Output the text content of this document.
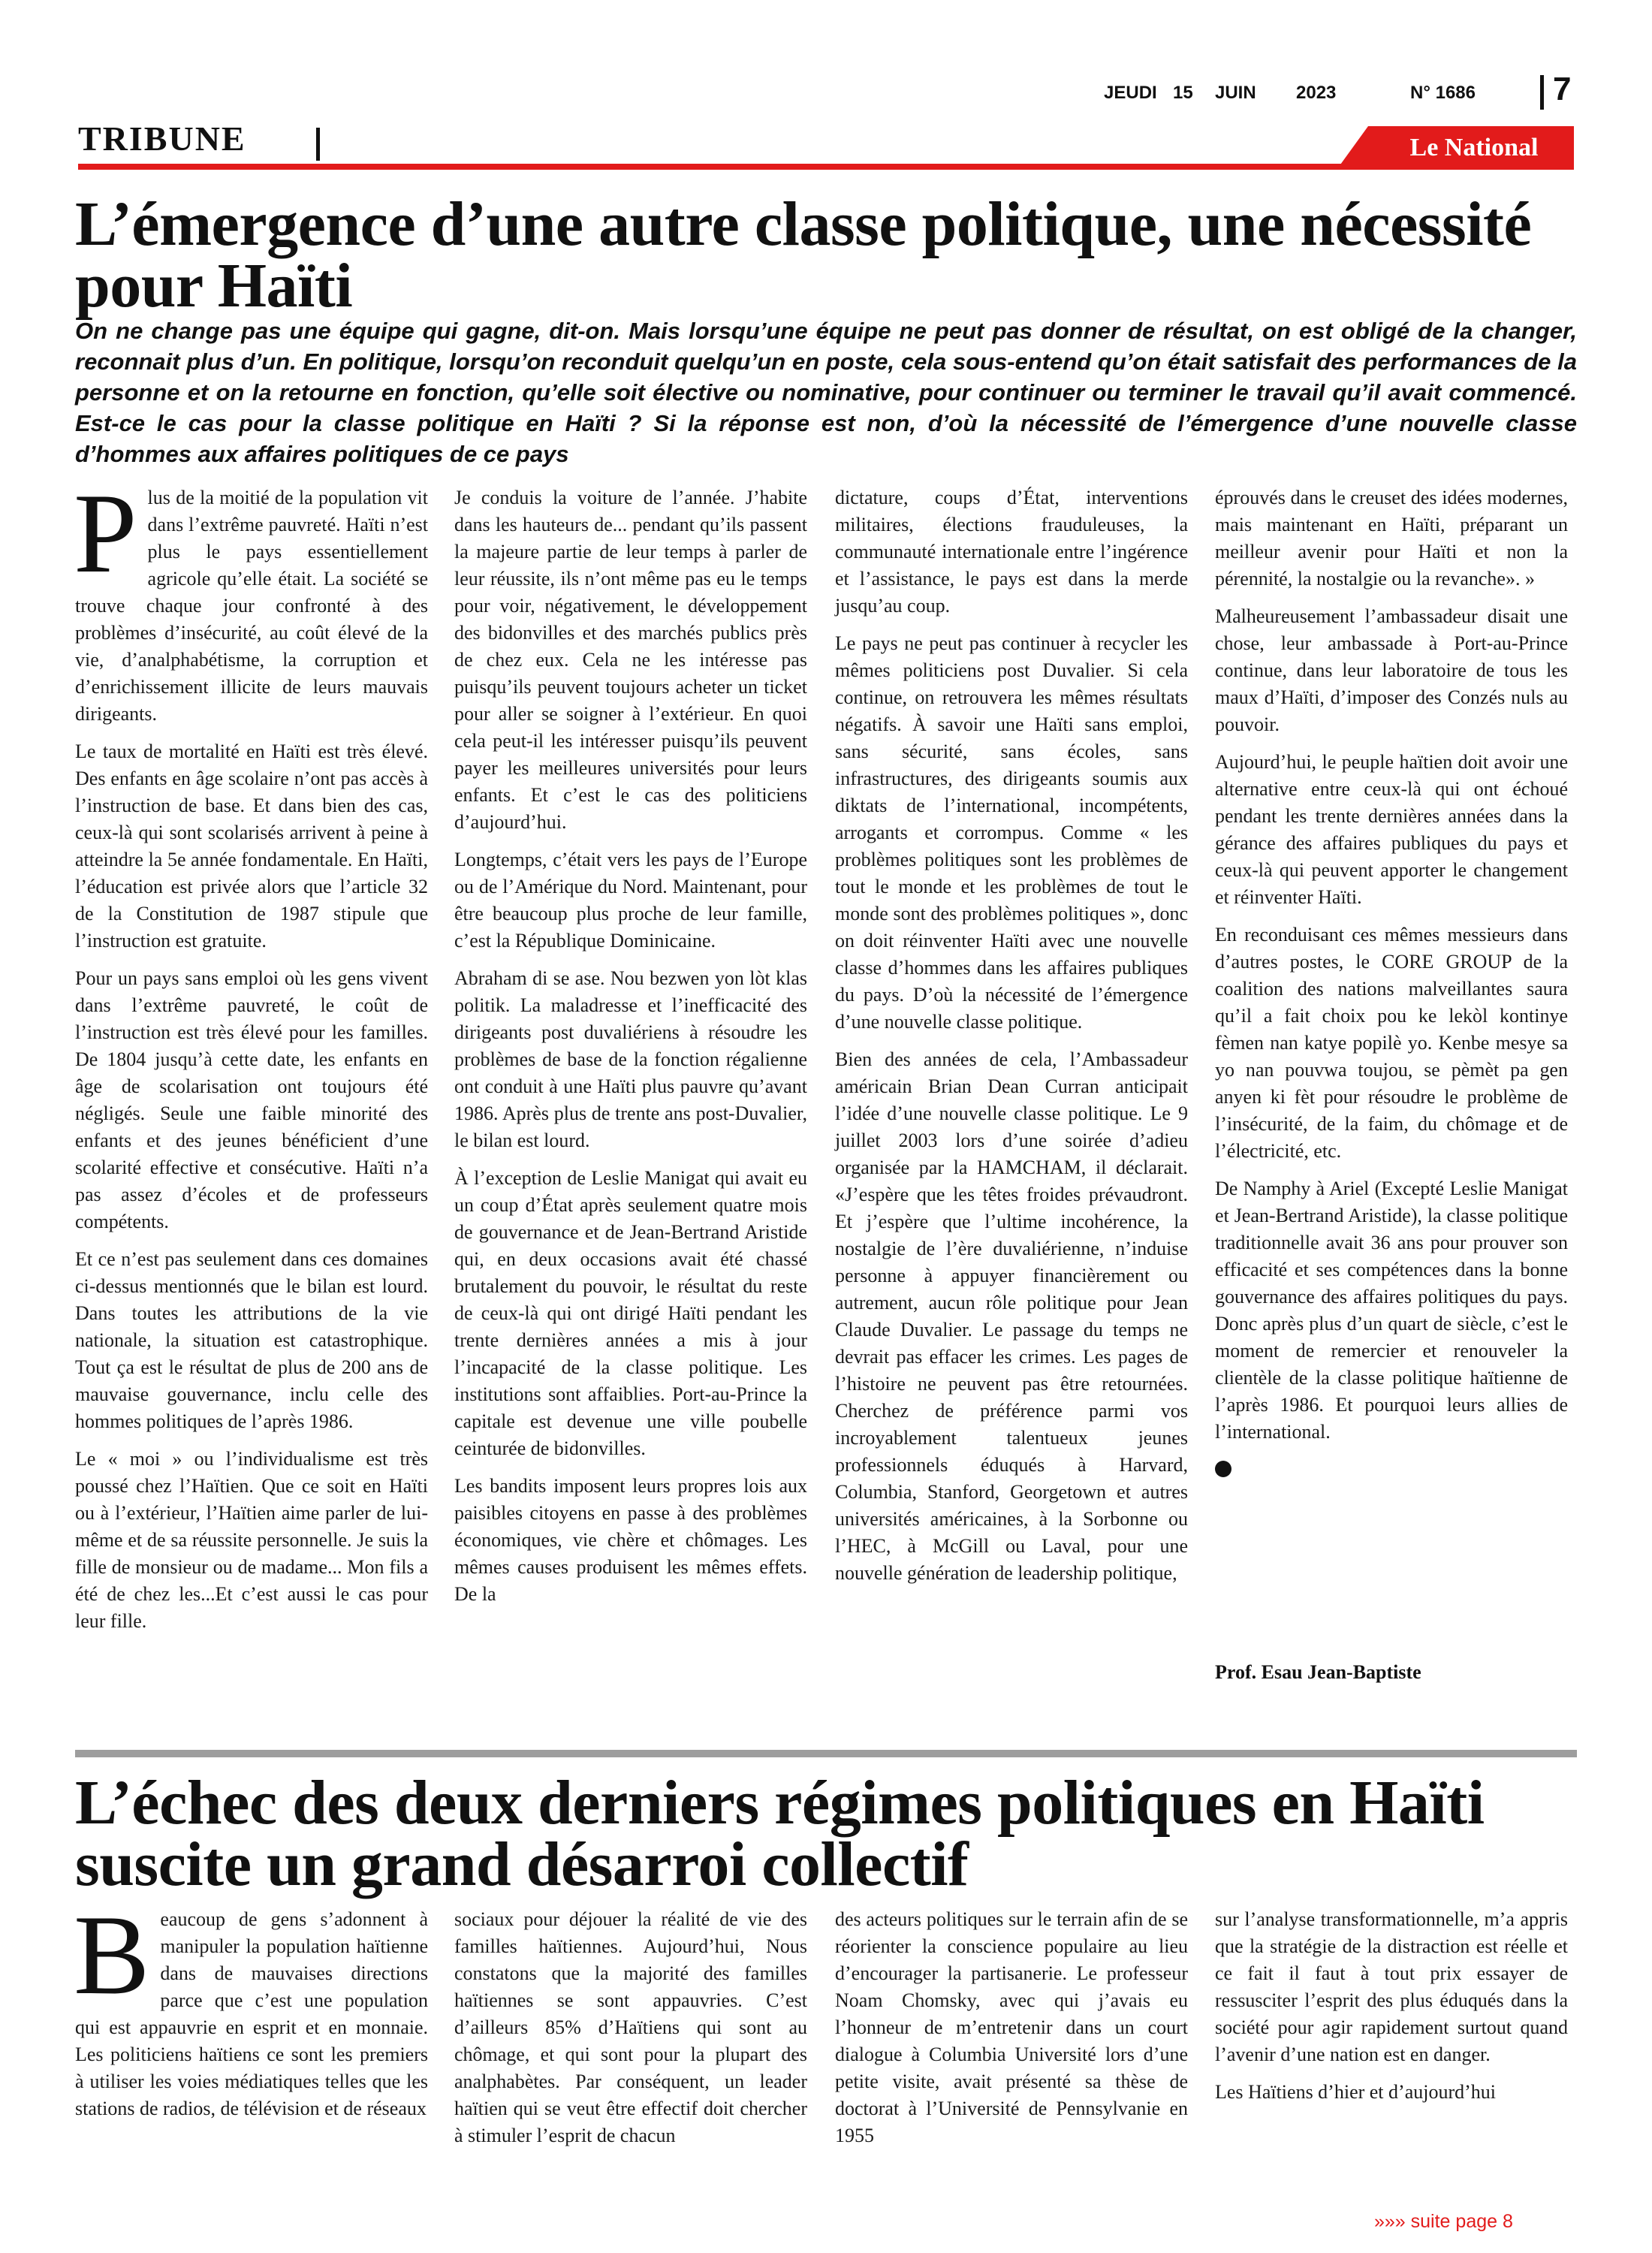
JEUDI 15 JUIN 2023	N° 1686 7
TRIBUNE	Le National
L’émergence d’une autre classe politique, une nécessité pour Haïti

On ne change pas une équipe qui gagne, dit-on. Mais lorsqu’une équipe ne peut pas donner de résultat, on est obligé de la changer, reconnait plus d’un. En politique, lorsqu’on reconduit quelqu’un en poste, cela sous-entend qu’on était satisfait des performances de la personne et on la retourne en fonction, qu’elle soit élective ou nominative, pour continuer ou terminer le travail qu’il avait commencé. Est-ce le cas pour la classe politique en Haïti ? Si la réponse est non, d’où la nécessité de l’émergence d’une nouvelle classe d’hommes aux affaires politiques de ce pays

Plus de la moitié de la population vit dans l’extrême pauvreté. Haïti n’est plus le pays essentiellement agricole qu’elle était. La société se trouve chaque jour confronté à des problèmes d’insécurité, au coût élevé de la vie, d’analphabétisme, la corruption et d’enrichissement illicite de leurs mauvais dirigeants.

Le taux de mortalité en Haïti est très élevé. Des enfants en âge scolaire n’ont pas accès à l’instruction de base. Et dans bien des cas, ceux-là qui sont scolarisés arrivent à peine à atteindre la 5e année fondamentale. En Haïti, l’éducation est privée alors que l’article 32 de la Constitution de 1987 stipule que l’instruction est gratuite.

Pour un pays sans emploi où les gens vivent dans l’extrême pauvreté, le coût de l’instruction est très élevé pour les familles. De 1804 jusqu’à cette date, les enfants en âge de scolarisation ont toujours été négligés. Seule une faible minorité des enfants et des jeunes bénéficient d’une scolarité effective et consécutive. Haïti n’a pas assez d’écoles et de professeurs compétents.

Et ce n’est pas seulement dans ces domaines ci-dessus mentionnés que le bilan est lourd. Dans toutes les attributions de la vie nationale, la situation est catastrophique. Tout ça est le résultat de plus de 200 ans de mauvaise gouvernance, inclu celle des hommes politiques de l’après 1986.

Le « moi » ou l’individualisme est très poussé chez l’Haïtien. Que ce soit en Haïti ou à l’extérieur, l’Haïtien aime parler de lui-même et de sa réussite personnelle. Je suis la fille de monsieur ou de madame... Mon fils a été de chez les...Et c’est aussi le cas pour leur fille.

Je conduis la voiture de l’année. J’habite dans les hauteurs de... pendant qu’ils passent la majeure partie de leur temps à parler de leur réussite, ils n’ont même pas eu le temps pour voir, négativement, le développement des bidonvilles et des marchés publics près de chez eux. Cela ne les intéresse pas puisqu’ils peuvent toujours acheter un ticket pour aller se soigner à l’extérieur. En quoi cela peut-il les intéresser puisqu’ils peuvent payer les meilleures universités pour leurs enfants. Et c’est le cas des politiciens d’aujourd’hui.

Longtemps, c’était vers les pays de l’Europe ou de l’Amérique du Nord. Maintenant, pour être beaucoup plus proche de leur famille, c’est la République Dominicaine.

Abraham di se ase. Nou bezwen yon lòt klas politik. La maladresse et l’inefficacité des dirigeants post duvaliériens à résoudre les problèmes de base de la fonction régalienne ont conduit à une Haïti plus pauvre qu’avant 1986. Après plus de trente ans post-Duvalier, le bilan est lourd.

À l’exception de Leslie Manigat qui avait eu un coup d’État après seulement quatre mois de gouvernance et de Jean-Bertrand Aristide qui, en deux occasions avait été chassé brutalement du pouvoir, le résultat du reste de ceux-là qui ont dirigé Haïti pendant les trente dernières années a mis à jour l’incapacité de la classe politique. Les institutions sont affaiblies. Port-au-Prince la capitale est devenue une ville poubelle ceinturée de bidonvilles.

Les bandits imposent leurs propres lois aux paisibles citoyens en passe à des problèmes économiques, vie chère et chômages. Les mêmes causes produisent les mêmes effets. De la

dictature, coups d’État, interventions militaires, élections frauduleuses, la communauté internationale entre l’ingérence et l’assistance, le pays est dans la merde jusqu’au coup.

Le pays ne peut pas continuer à recycler les mêmes politiciens post Duvalier. Si cela continue, on retrouvera les mêmes résultats négatifs. À savoir une Haïti sans emploi, sans sécurité, sans écoles, sans infrastructures, des dirigeants soumis aux diktats de l’international, incompétents, arrogants et corrompus. Comme « les problèmes politiques sont les problèmes de tout le monde et les problèmes de tout le monde sont des problèmes politiques », donc on doit réinventer Haïti avec une nouvelle classe d’hommes dans les affaires publiques du pays. D’où la nécessité de l’émergence d’une nouvelle classe politique.

Bien des années de cela, l’Ambassadeur américain Brian Dean Curran anticipait l’idée d’une nouvelle classe politique. Le 9 juillet 2003 lors d’une soirée d’adieu organisée par la HAMCHAM, il déclarait. «J’espère que les têtes froides prévaudront. Et j’espère que l’ultime incohérence, la nostalgie de l’ère duvaliérienne, n’induise personne à appuyer financièrement ou autrement, aucun rôle politique pour Jean Claude Duvalier. Le passage du temps ne devrait pas effacer les crimes. Les pages de l’histoire ne peuvent pas être retournées. Cherchez de préférence parmi vos incroyablement talentueux jeunes professionnels éduqués à Harvard, Columbia, Stanford, Georgetown et autres universités américaines, à la Sorbonne ou l’HEC, à McGill ou Laval, pour une nouvelle génération de leadership politique,

éprouvés dans le creuset des idées modernes, mais maintenant en Haïti, préparant un meilleur avenir pour Haïti et non la pérennité, la nostalgie ou la revanche». »

Malheureusement l’ambassadeur disait une chose, leur ambassade à Port-au-Prince continue, dans leur laboratoire de tous les maux d’Haïti, d’imposer des Conzés nuls au pouvoir.

Aujourd’hui, le peuple haïtien doit avoir une alternative entre ceux-là qui ont échoué pendant les trente dernières années dans la gérance des affaires publiques du pays et ceux-là qui peuvent apporter le changement et réinventer Haïti.

En reconduisant ces mêmes messieurs dans d’autres postes, le CORE GROUP de la coalition des nations malveillantes saura qu’il a fait choix pou ke lekòl kontinye fèmen nan katye popilè yo. Kenbe mesye sa yo nan pouvwa toujou, se pèmèt pa gen anyen ki fèt pour résoudre le problème de l’insécurité, de la faim, du chômage et de l’électricité, etc.

De Namphy à Ariel (Excepté Leslie Manigat et Jean-Bertrand Aristide), la classe politique traditionnelle avait 36 ans pour prouver son efficacité et ses compétences dans la bonne gouvernance des affaires politiques du pays. Donc après plus d’un quart de siècle, c’est le moment de remercier et renouveler la clientèle de la classe politique haïtienne de l’après 1986. Et pourquoi leurs allies de l’international.

Prof. Esau Jean-Baptiste
L’échec des deux derniers régimes politiques en Haïti suscite un grand désarroi collectif

Beaucoup de gens s’adonnent à manipuler la population haïtienne dans de mauvaises directions parce que c’est une population qui est appauvrie en esprit et en monnaie. Les politiciens haïtiens ce sont les premiers à utiliser les voies médiatiques telles que les stations de radios, de télévision et de réseaux

sociaux pour déjouer la réalité de vie des familles haïtiennes. Aujourd’hui, Nous constatons que la majorité des familles haïtiennes se sont appauvries. C’est d’ailleurs 85% d’Haïtiens qui sont au chômage, et qui sont pour la plupart des analphabètes. Par conséquent, un leader haïtien qui se veut être effectif doit chercher à stimuler l’esprit de chacun

des acteurs politiques sur le terrain afin de se réorienter la conscience populaire au lieu d’encourager la partisanerie. Le professeur Noam Chomsky, avec qui j’avais eu l’honneur de m’entretenir dans un court dialogue à Columbia Université lors d’une petite visite, avait présenté sa thèse de doctorat à l’Université de Pennsylvanie en 1955

sur l’analyse transformationnelle, m’a appris que la stratégie de la distraction est réelle et ce fait il faut à tout prix essayer de ressusciter l’esprit des plus éduqués dans la société pour agir rapidement surtout quand l’avenir d’une nation est en danger.

Les Haïtiens d’hier et d’aujourd’hui

»»» suite page 8
